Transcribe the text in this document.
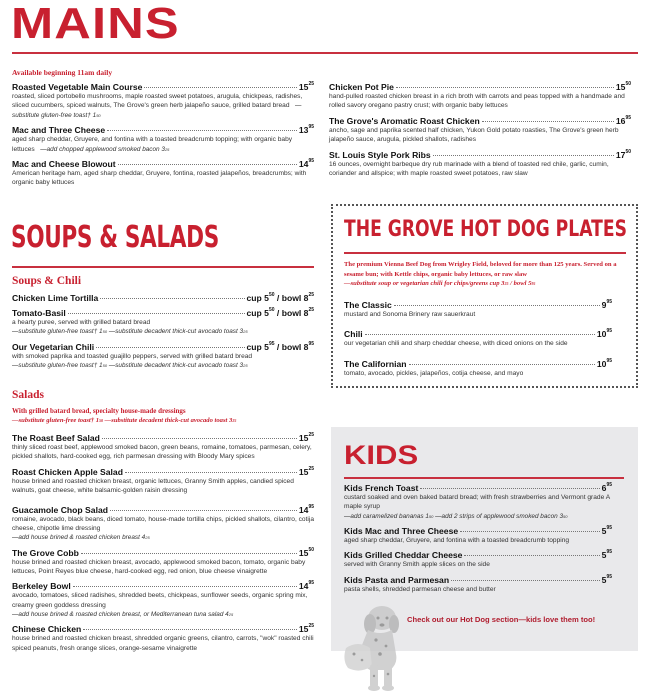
MAINS
Available beginning 11am daily
Roasted Vegetable Main Course	$15^{25}$
roasted, sliced portobello mushrooms, maple roasted sweet potatoes, arugula, chickpeas, radishes, sliced cucumbers, spiced walnuts, The Grove's green herb jalapeño sauce, grilled batard bread —substitute gluten-free toast† $1^{50}$
Mac and Three Cheese	$13^{95}$
aged sharp cheddar, Gruyere, and fontina with a toasted breadcrumb topping; with organic baby lettuces —add chopped applewood smoked bacon $3^{25}$
Mac and Cheese Blowout	$14^{95}$
American heritage ham, aged sharp cheddar, Gruyere, fontina, roasted jalapeños, breadcrumbs; with organic baby lettuces
Chicken Pot Pie	$15^{50}$
hand-pulled roasted chicken breast in a rich broth with carrots and peas topped with a handmade and rolled savory oregano pastry crust; with organic baby lettuces
The Grove's Aromatic Roast Chicken	$16^{95}$
ancho, sage and paprika scented half chicken, Yukon Gold potato roasties, The Grove's green herb jalapeño sauce, arugula, pickled shallots, radishes
St. Louis Style Pork Ribs	$17^{50}$
16 ounces, overnight barbeque dry rub marinade with a blend of toasted red chile, garlic, cumin, coriander and allspice; with maple roasted sweet potatoes, raw slaw
SOUPS & SALADS
Soups & Chili
Chicken Lime Tortilla	cup $5^{50}$ / bowl $8^{25}$
Tomato-Basil	cup $5^{50}$ / bowl $8^{25}$
a hearty puree, served with grilled batard bread
—substitute gluten-free toast† $1^{50}$ —substitute decadent thick-cut avocado toast $3^{25}$
Our Vegetarian Chili	cup $5^{95}$ / bowl $8^{95}$
with smoked paprika and toasted guajillo peppers, served with grilled batard bread
—substitute gluten-free toast† $1^{50}$ —substitute decadent thick-cut avocado toast $3^{25}$
Salads
With grilled batard bread, specialty house-made dressings
—substitute gluten-free toast† $1^{50}$ —substitute decadent thick-cut avocado toast $3^{25}$
The Roast Beef Salad	$15^{25}$
thinly sliced roast beef, applewood smoked bacon, green beans, romaine, tomatoes, parmesan, celery, pickled shallots, hard-cooked egg, rich parmesan dressing with Bloody Mary spices
Roast Chicken Apple Salad	$15^{25}$
house brined and roasted chicken breast, organic lettuces, Granny Smith apples, candied spiced walnuts, goat cheese, white balsamic-golden raisin dressing
Guacamole Chop Salad	$14^{95}$
romaine, avocado, black beans, diced tomato, house-made tortilla chips, pickled shallots, cilantro, cotija cheese, chipotle lime dressing
—add house brined & roasted chicken breast $4^{25}$
The Grove Cobb	$15^{50}$
house brined and roasted chicken breast, avocado, applewood smoked bacon, tomato, organic baby lettuces, Point Reyes blue cheese, hard-cooked egg, red onion, blue cheese vinaigrette
Berkeley Bowl	$14^{95}$
avocado, tomatoes, sliced radishes, shredded beets, chickpeas, sunflower seeds, organic spring mix, creamy green goddess dressing
—add house brined & roasted chicken breast, or Mediterranean tuna salad $4^{25}$
Chinese Chicken	$15^{25}$
house brined and roasted chicken breast, shredded organic greens, cilantro, carrots, "wok" roasted chili spiced peanuts, fresh orange slices, orange-sesame vinaigrette
THE GROVE HOT DOG PLATES
The premium Vienna Beef Dog from Wrigley Field, beloved for more than 125 years. Served on a sesame bun; with Kettle chips, organic baby lettuces, or raw slaw
—substitute soup or vegetarian chili for chips/greens cup $3^{25}$ / bowl $5^{95}$
The Classic	$9^{95}$
mustard and Sonoma Brinery raw sauerkraut
Chili	$10^{95}$
our vegetarian chili and sharp cheddar cheese, with diced onions on the side
The Californian	$10^{95}$
tomato, avocado, pickles, jalapeños, cotija cheese, and mayo
KIDS
Kids French Toast	$6^{95}$
custard soaked and oven baked batard bread; with fresh strawberries and Vermont grade A maple syrup
—add caramelized bananas $1^{50}$ —add 2 strips of applewood smoked bacon $3^{50}$
Kids Mac and Three Cheese	$5^{95}$
aged sharp cheddar, Gruyere, and fontina with a toasted breadcrumb topping
Kids Grilled Cheddar Cheese	$5^{95}$
served with Granny Smith apple slices on the side
Kids Pasta and Parmesan	$5^{95}$
pasta shells, shredded parmesan cheese and butter
Check out our Hot Dog section—kids love them too!
